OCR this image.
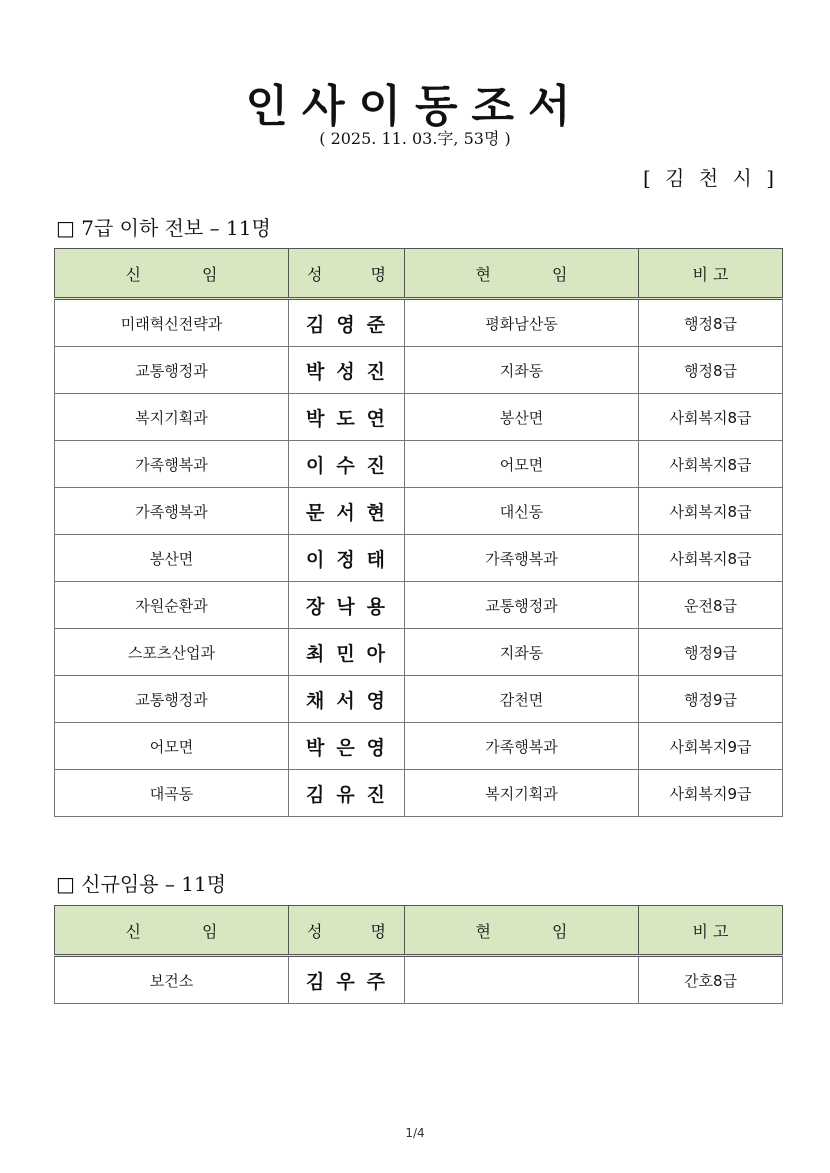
인사이동조서
( 2025. 11. 03.字, 53명 )
[ 김 천 시 ]
□ 7급 이하 전보 – 11명
신 임	성 명	현 임	비 고
미래혁신전략과	김영준	평화남산동	행정8급
교통행정과	박성진	지좌동	행정8급
복지기획과	박도연	봉산면	사회복지8급
가족행복과	이수진	어모면	사회복지8급
가족행복과	문서현	대신동	사회복지8급
봉산면	이정태	가족행복과	사회복지8급
자원순환과	장낙용	교통행정과	운전8급
스포츠산업과	최민아	지좌동	행정9급
교통행정과	채서영	감천면	행정9급
어모면	박은영	가족행복과	사회복지9급
대곡동	김유진	복지기획과	사회복지9급
□ 신규임용 – 11명
신 임	성 명	현 임	비 고
보건소	김우주		간호8급
1/4
